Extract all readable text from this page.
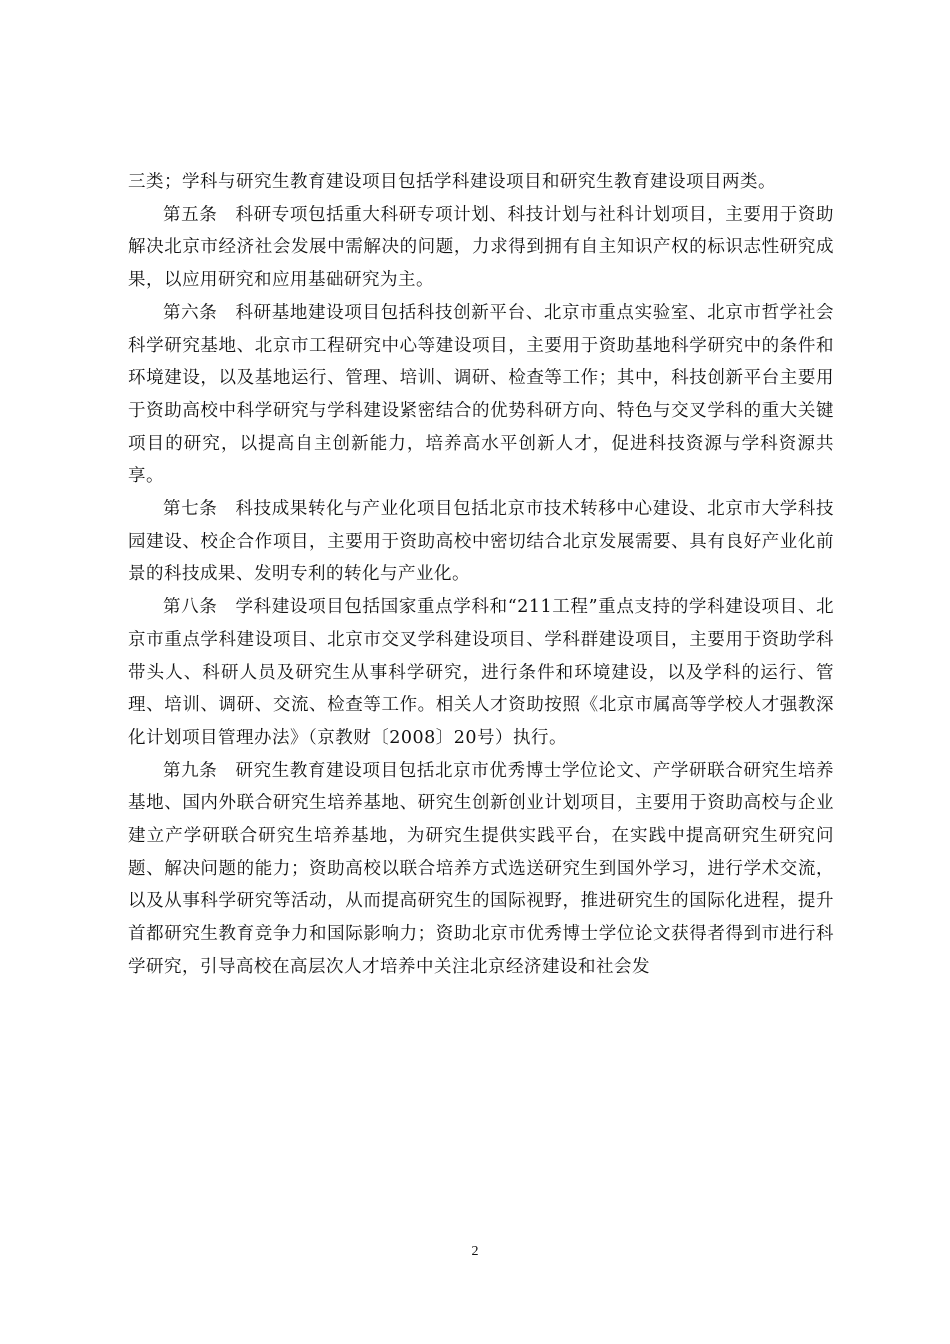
三类；学科与研究生教育建设项目包括学科建设项目和研究生教育建设项目两类。

第五条 科研专项包括重大科研专项计划、科技计划与社科计划项目，主要用于资助解决北京市经济社会发展中需解决的问题，力求得到拥有自主知识产权的标识志性研究成果，以应用研究和应用基础研究为主。

第六条 科研基地建设项目包括科技创新平台、北京市重点实验室、北京市哲学社会科学研究基地、北京市工程研究中心等建设项目，主要用于资助基地科学研究中的条件和环境建设，以及基地运行、管理、培训、调研、检查等工作；其中，科技创新平台主要用于资助高校中科学研究与学科建设紧密结合的优势科研方向、特色与交叉学科的重大关键项目的研究，以提高自主创新能力，培养高水平创新人才，促进科技资源与学科资源共享。

第七条 科技成果转化与产业化项目包括北京市技术转移中心建设、北京市大学科技园建设、校企合作项目，主要用于资助高校中密切结合北京发展需要、具有良好产业化前景的科技成果、发明专利的转化与产业化。

第八条 学科建设项目包括国家重点学科和“211工程”重点支持的学科建设项目、北京市重点学科建设项目、北京市交叉学科建设项目、学科群建设项目，主要用于资助学科带头人、科研人员及研究生从事科学研究，进行条件和环境建设，以及学科的运行、管理、培训、调研、交流、检查等工作。相关人才资助按照《北京市属高等学校人才强教深化计划项目管理办法》（京教财〔2008〕20号）执行。

第九条 研究生教育建设项目包括北京市优秀博士学位论文、产学研联合研究生培养基地、国内外联合研究生培养基地、研究生创新创业计划项目，主要用于资助高校与企业建立产学研联合研究生培养基地，为研究生提供实践平台，在实践中提高研究生研究问题、解决问题的能力；资助高校以联合培养方式选送研究生到国外学习，进行学术交流，以及从事科学研究等活动，从而提高研究生的国际视野，推进研究生的国际化进程，提升首都研究生教育竞争力和国际影响力；资助北京市优秀博士学位论文获得者得到市进行科学研究，引导高校在高层次人才培养中关注北京经济建设和社会发

2
